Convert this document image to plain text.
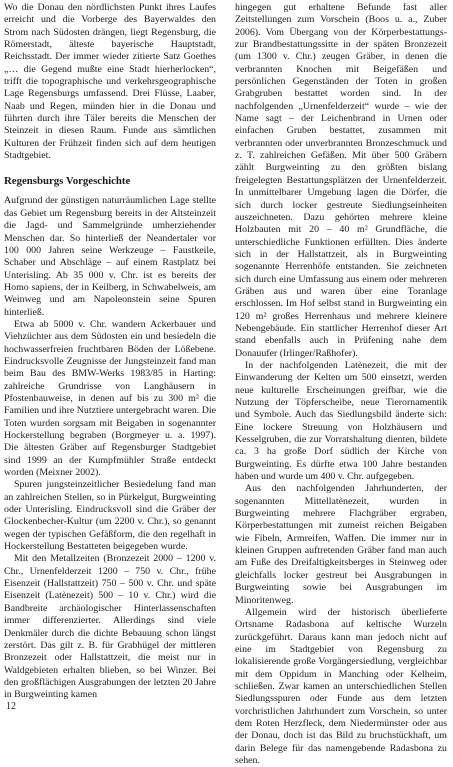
Wo die Donau den nördlichsten Punkt ihres Laufes erreicht und die Vorberge des Bayerwaldes den Strom nach Südosten drängen, liegt Regensburg, die Römerstadt, älteste bayerische Hauptstadt, Reichsstadt. Der immer wieder zitierte Satz Goethes „… die Gegend mußte eine Stadt hierherlocken“, trifft die topographische und verkehrsgeographische Lage Regensburgs umfassend. Drei Flüsse, Laaber, Naab und Regen, münden hier in die Donau und führten durch ihre Täler bereits die Menschen der Steinzeit in diesen Raum. Funde aus sämtlichen Kulturen der Frühzeit finden sich auf dem heutigen Stadtgebiet.

Regensburgs Vorgeschichte

Aufgrund der günstigen naturräumlichen Lage stellte das Gebiet um Regensburg bereits in der Altsteinzeit die Jagd- und Sammelgründe umherziehender Menschen dar. So hinterließ der Neandertaler vor 100 000 Jahren seine Werkzeuge – Faustkeile, Schaber und Abschläge – auf einem Rastplatz bei Unterisling. Ab 35 000 v. Chr. ist es bereits der Homo sapiens, der in Keilberg, in Schwabelweis, am Weinweg und am Napoleonstein seine Spuren hinterließ.

Etwa ab 5000 v. Chr. wandern Ackerbauer und Viehzüchter aus dem Südosten ein und besiedeln die hochwasserfreien fruchtbaren Böden der Lößebene. Eindrucksvolle Zeugnisse der Jungsteinzeit fand man beim Bau des BMW-Werks 1983/85 in Harting: zahlreiche Grundrisse von Langhäusern in Pfostenbauweise, in denen auf bis zu 300 m² die Familien und ihre Nutztiere untergebracht waren. Die Toten wurden sorgsam mit Beigaben in sogenannter Hockerstellung begraben (Borgmeyer u. a. 1997). Die ältesten Gräber auf Regensburger Stadtgebiet sind 1999 an der Kumpfmühler Straße entdeckt worden (Meixner 2002).

Spuren jungsteinzeitlicher Besiedelung fand man an zahlreichen Stellen, so in Pürkelgut, Burgweinting oder Unterisling. Eindrucksvoll sind die Gräber der Glockenbecher-Kultur (um 2200 v. Chr.), so genannt wegen der typischen Gefäßform, die den regelhaft in Hockerstellung Bestatteten beigegeben wurde.

Mit den Metallzeiten (Bronzezeit 2000 – 1200 v. Chr., Urnenfelderzeit 1200 – 750 v. Chr., frühe Eisenzeit (Hallstattzeit) 750 – 500 v. Chr. und späte Eisenzeit (Latènezeit) 500 – 10 v. Chr.) wird die Bandbreite archäologischer Hinterlassenschaften immer differenzierter. Allerdings sind viele Denkmäler durch die dichte Bebauung schon längst zerstört. Das gilt z. B. für Grabhügel der mittleren Bronzezeit oder Hallstattzeit, die meist nur in Waldgebieten erhalten blieben, so bei Winzer. Bei den großflächigen Ausgrabungen der letzten 20 Jahre in Burgweinting kamen

hingegen gut erhaltene Befunde fast aller Zeitstellungen zum Vorschein (Boos u. a., Zuber 2006). Vom Übergang von der Körperbestattungs- zur Brandbestattungssitte in der späten Bronzezeit (um 1300 v. Chr.) zeugen Gräber, in denen die verbrannten Knochen mit Beigefäßen und persönlichen Gegenständen der Toten in großen Grabgruben bestattet worden sind. In der nachfolgenden „Urnenfelderzeit“ wurde – wie der Name sagt – der Leichenbrand in Urnen oder einfachen Gruben bestattet, zusammen mit verbrannten oder unverbrannten Bronzeschmuck und z. T. zahlreichen Gefäßen. Mit über 500 Gräbern zählt Burgweinting zu den größten bislang freigelegten Bestattungsplätzen der Urnenfelderzeit. In unmittelbarer Umgebung lagen die Dörfer, die sich durch locker gestreute Siedlungseinheiten auszeichneten. Dazu gehörten mehrere kleine Holzbauten mit 20 – 40 m² Grundfläche, die unterschiedliche Funktionen erfüllten. Dies änderte sich in der Hallstattzeit, als in Burgweinting sogenannte Herrenhöfe entstanden. Sie zeichneten sich durch eine Umfassung aus einem oder mehreren Gräben aus und waren über eine Toranlage erschlossen. Im Hof selbst stand in Burgweinting ein 120 m² großes Herrenhaus und mehrere kleinere Nebengebäude. Ein stattlicher Herrenhof dieser Art stand ebenfalls auch in Prüfening nahe dem Donauufer (Irlinger/Raßhofer).

In der nachfolgenden Latènezeit, die mit der Einwanderung der Kelten um 500 einsetzt, werden neue kulturelle Erscheinungen greifbar, wie die Nutzung der Töpferscheibe, neue Tierornamentik und Symbole. Auch das Siedlungsbild änderte sich: Eine lockere Streuung von Holzhäusern und Kesselgruben, die zur Vorratshaltung dienten, bildete ca. 3 ha große Dorf südlich der Kirche von Burgweinting. Es dürfte etwa 100 Jahre bestanden haben und wurde um 400 v. Chr. aufgegeben.

Aus den nachfolgenden Jahrhunderten, der sogenannten Mittellatènezeit, wurden in Burgweinting mehrere Flachgräber ergraben, Körperbestattungen mit zumeist reichen Beigaben wie Fibeln, Armreifen, Waffen. Die immer nur in kleinen Gruppen auftretenden Gräber fand man auch am Fuße des Dreifaltigkeitsberges in Steinweg oder gleichfalls locker gestreut bei Ausgrabungen in Burgweinting sowie bei Ausgrabungen im Minoritenweg.

Allgemein wird der historisch überlieferte Ortsname Radasbona auf keltische Wurzeln zurückgeführt. Daraus kann man jedoch nicht auf eine im Stadtgebiet von Regensburg zu lokalisierende große Vorgängersiedlung, vergleichbar mit dem Oppidum in Manching oder Kelheim, schließen. Zwar kamen an unterschiedlichen Stellen Siedlungsspuren oder Funde aus dem letzten vorchristlichen Jahrhundert zum Vorschein, so unter dem Roten Herzfleck, dem Niedermünster oder aus der Donau, doch ist das Bild zu bruchstückhaft, um darin Belege für das namengebende Radasbona zu sehen.

12
